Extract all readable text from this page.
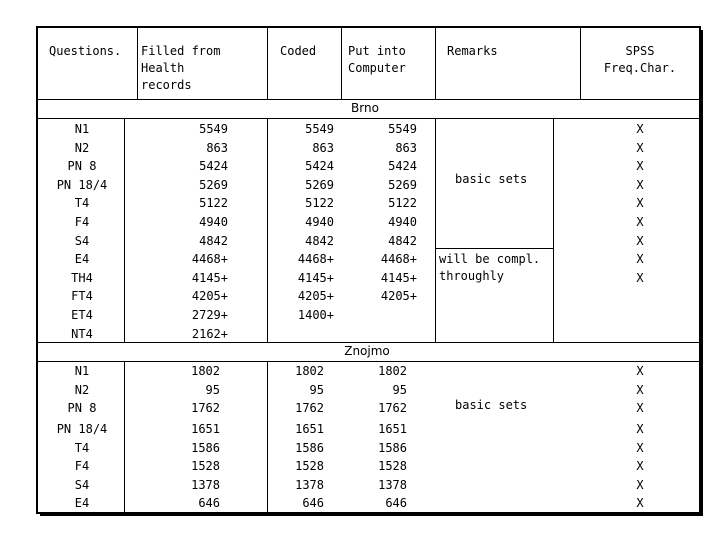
Questions. Filled from
Health
records
Coded	Put into
Computer
Remarks	SPSS
Freq.Char.
Brno
N1
N2
PN 8
PN 18/4
T4
F4
S4
E4
TH4
FT4
ET4
NT4
5549
863
5424
5269
5122
4940
4842
4468+
4145+
4205+
2729+
2162+
5549
863
5424
5269
5122
4940
4842
4468+
4145+
4205+
1400+
5549
863
5424
5269
5122
4940
4842
4468+
4145+
4205+
basic sets
will be compl.
throughly
X
X
X
X
X
X
X
X
X
Znojmo
N1
N2
PN 8
PN 18/4
T4
F4
S4
E4
1802
95
1762
1651
1586
1528
1378
646
1802
95
1762
1651
1586
1528
1378
646
1802
95
1762
1651
1586
1528
1378
646
basic sets
X
X
X
X
X
X
X
X
